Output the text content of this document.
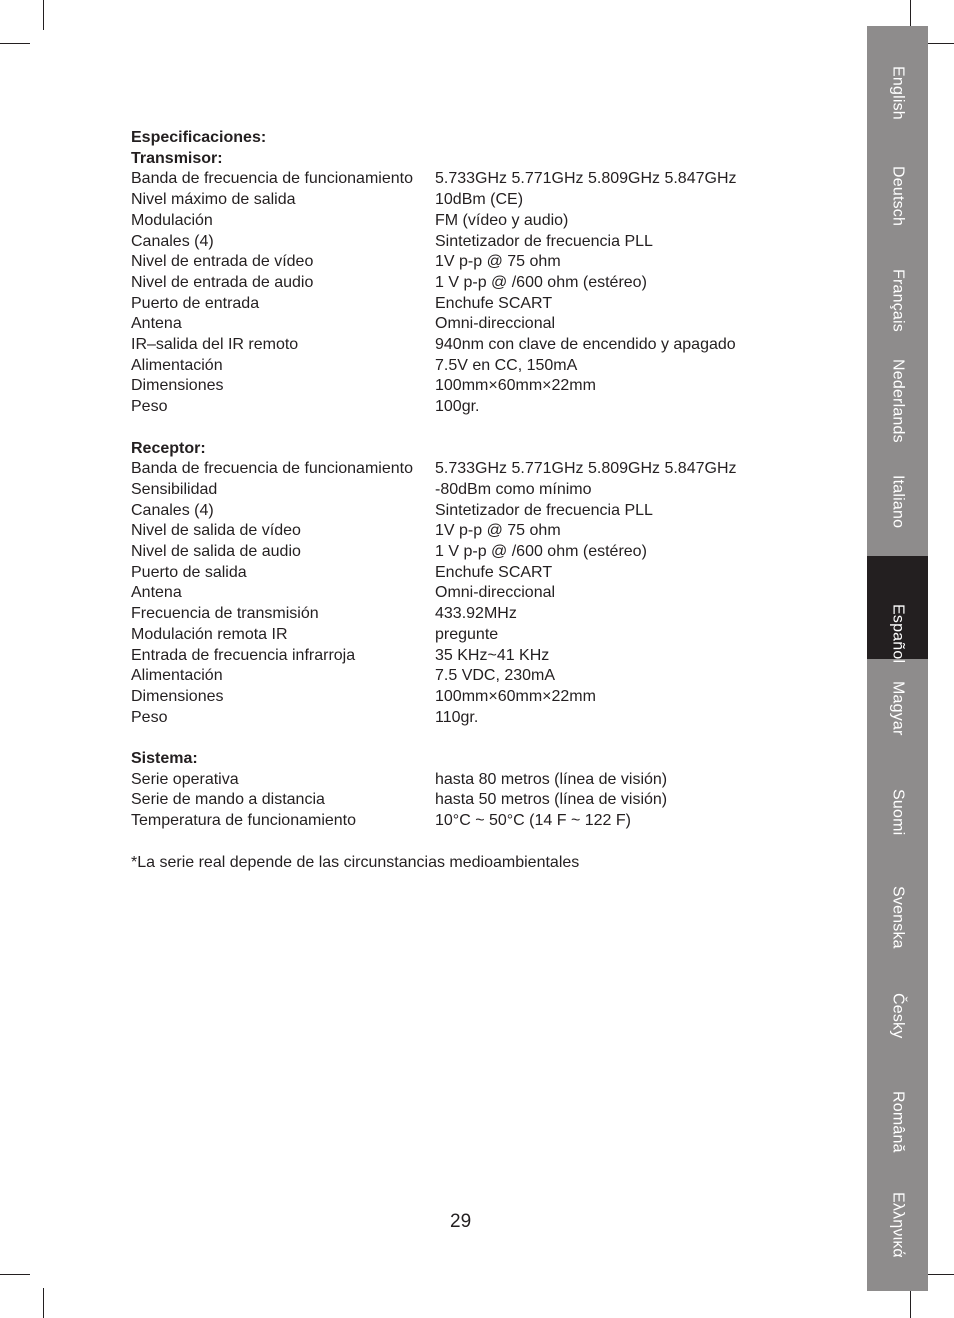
English
Deutsch
Français
Nederlands
Italiano
Español
Magyar
Suomi
Svenska
Česky
Română
Ελληνικά
Especificaciones:
Transmisor:
Banda de frecuencia de funcionamiento	5.733GHz 5.771GHz 5.809GHz 5.847GHz
Nivel máximo de salida	10dBm (CE)
Modulación	FM (vídeo y audio)
Canales (4)	Sintetizador de frecuencia PLL
Nivel de entrada de vídeo	1V p-p @ 75 ohm
Nivel de entrada de audio	1 V p-p @ /600 ohm (estéreo)
Puerto de entrada	Enchufe SCART
Antena	Omni-direccional
IR–salida del IR remoto	940nm con clave de encendido y apagado
Alimentación	7.5V en CC, 150mA
Dimensiones	100mm×60mm×22mm
Peso	100gr.
Receptor:
Banda de frecuencia de funcionamiento	5.733GHz 5.771GHz 5.809GHz 5.847GHz
Sensibilidad	-80dBm como mínimo
Canales (4)	Sintetizador de frecuencia PLL
Nivel de salida de vídeo	1V p-p @ 75 ohm
Nivel de salida de audio	1 V p-p @ /600 ohm (estéreo)
Puerto de salida	Enchufe SCART
Antena	Omni-direccional
Frecuencia de transmisión	433.92MHz
Modulación remota IR	pregunte
Entrada de frecuencia infrarroja	35 KHz~41 KHz
Alimentación	7.5 VDC, 230mA
Dimensiones	100mm×60mm×22mm
Peso	110gr.
Sistema:
Serie operativa	hasta 80 metros (línea de visión)
Serie de mando a distancia	hasta 50 metros (línea de visión)
Temperatura de funcionamiento	10°C ~ 50°C (14 F ~ 122 F)
*La serie real depende de las circunstancias medioambientales
29
